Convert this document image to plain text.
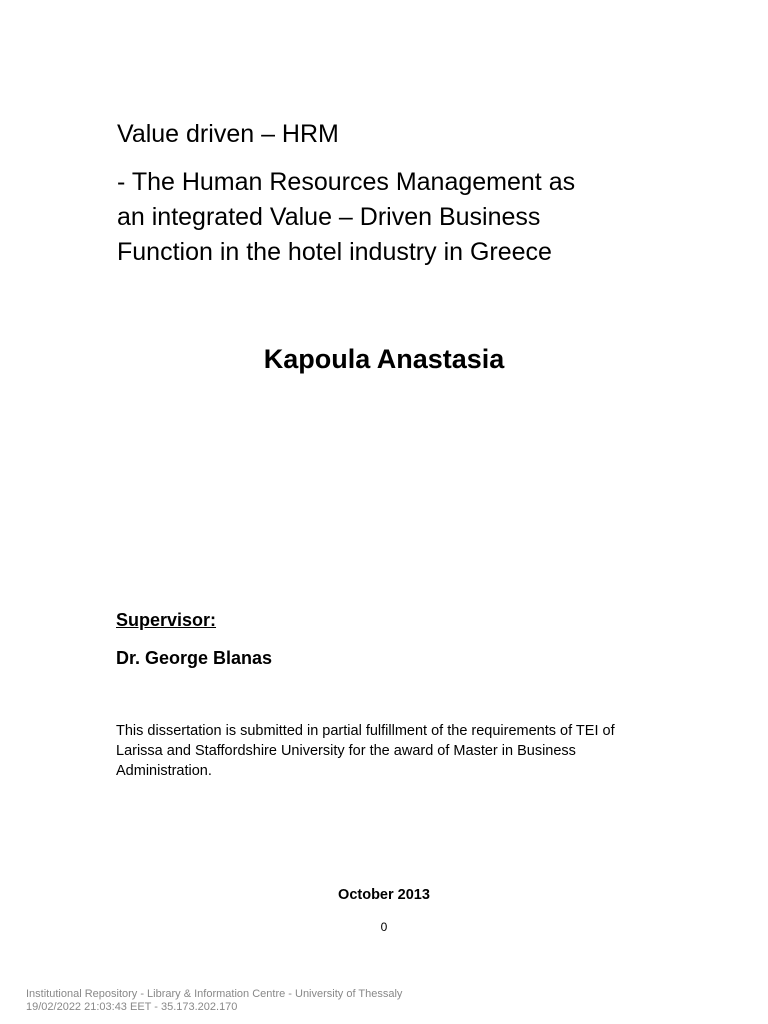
Value driven – HRM
- The Human Resources Management as
an integrated Value – Driven Business
Function in the hotel industry in Greece
Kapoula Anastasia
Supervisor:
Dr. George Blanas

This dissertation is submitted in partial fulfillment of the requirements of TEI of Larissa and Staffordshire University for the award of Master in Business Administration.

October 2013
0
Institutional Repository - Library & Information Centre - University of Thessaly
19/02/2022 21:03:43 EET - 35.173.202.170
